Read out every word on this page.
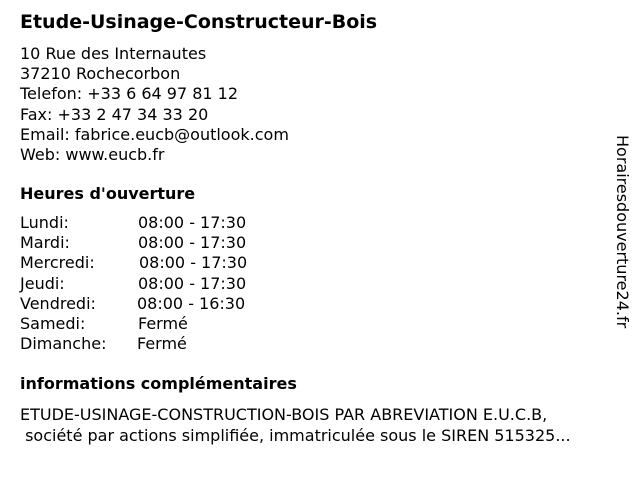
Etude-Usinage-Constructeur-Bois
10 Rue des Internautes
37210 Rochecorbon
Telefon: +33 6 64 97 81 12
Fax: +33 2 47 34 33 20
Email: fabrice.eucb@outlook.com
Web: www.eucb.fr
Heures d'ouverture
Lundi:	08:00 - 17:30
Mardi:	08:00 - 17:30
Mercredi:	08:00 - 17:30
Jeudi:	08:00 - 17:30
Vendredi:	08:00 - 16:30
Samedi:	Fermé
Dimanche: Fermé
informations complémentaires
ETUDE-USINAGE-CONSTRUCTION-BOIS PAR ABREVIATION E.U.C.B,
société par actions simplifiée, immatriculée sous le SIREN 515325...
Horairesdouverture24.fr
